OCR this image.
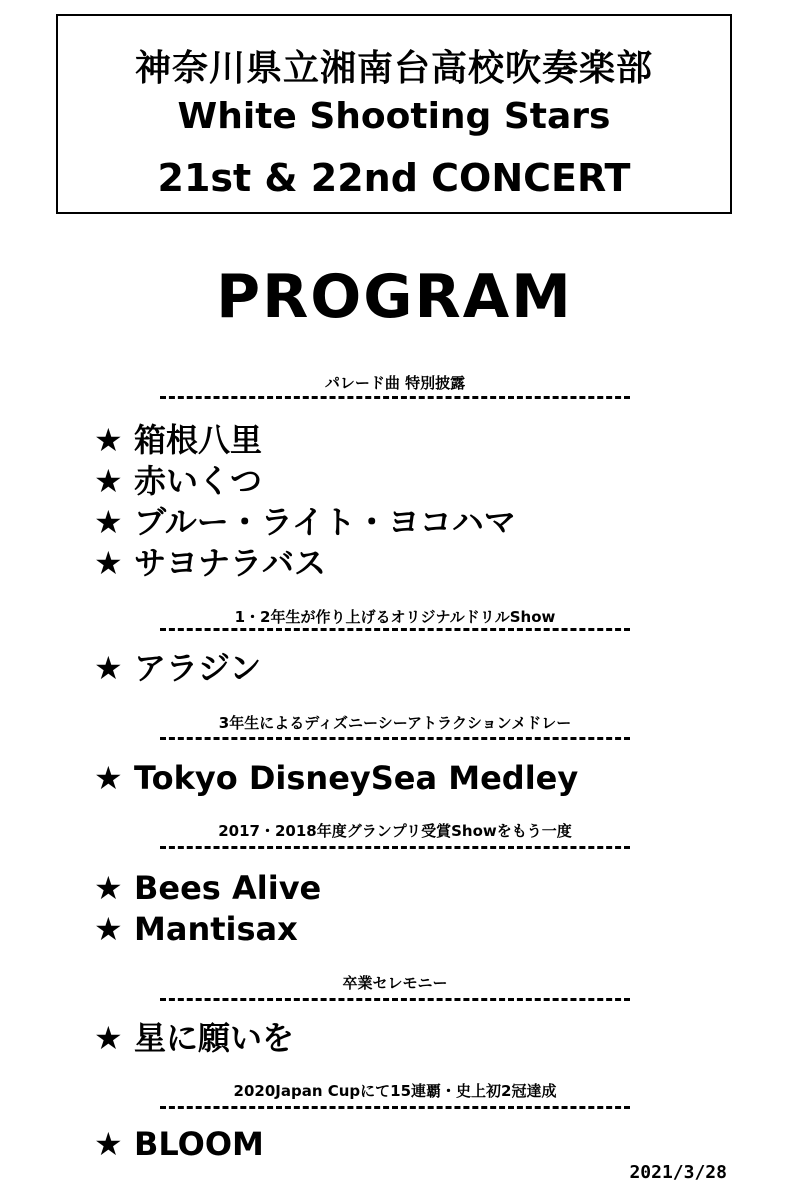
神奈川県立湘南台高校吹奏楽部
White Shooting Stars
21st & 22nd CONCERT
PROGRAM
パレード曲 特別披露
★ 箱根八里
★ 赤いくつ
★ ブルー・ライト・ヨコハマ
★ サヨナラバス
1・2年生が作り上げるオリジナルドリルShow
★ アラジン
3年生によるディズニーシーアトラクションメドレー
★ Tokyo DisneySea Medley
2017・2018年度グランプリ受賞Showをもう一度
★ Bees Alive
★ Mantisax
卒業セレモニー
★ 星に願いを
2020Japan Cupにて15連覇・史上初2冠達成
★ BLOOM
2021/3/28
